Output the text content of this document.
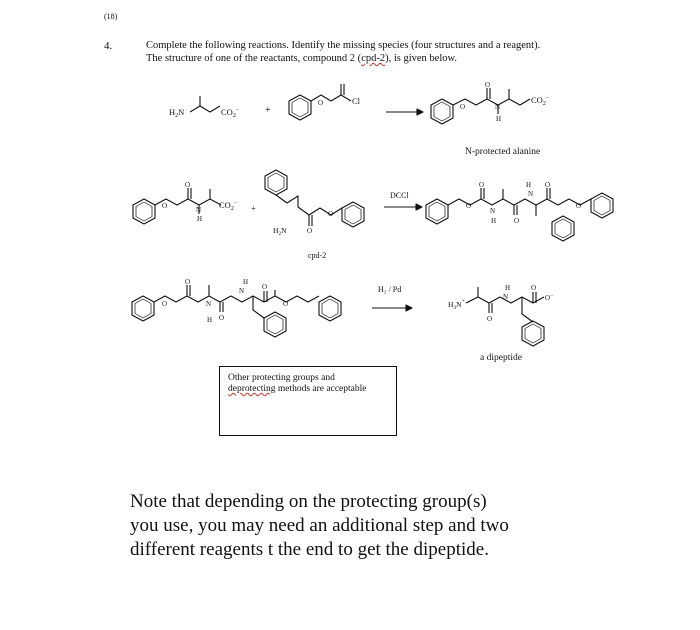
(18)
4.	Complete the following reactions. Identify the missing species (four structures and a reagent).
The structure of one of the reactants, compound 2 (cpd-2), is given below.
$H_2N$	$CO_2^-$
Cl
O	O
O
N
H
$CO_2^-$
O
O
N
H
$CO_2^-$ +
$H_2N$	O
O
DCCl
O
O
N
H	O
H
N
O
O
O
O
N
H O
H
N	O
O
H₂ / Pd
$H_3N^+$
O
H
N
O
O−
+
N-protected alanine
cpd-2
a dipeptide
Other protecting groups and
deprotecting methods are acceptable
Note that depending on the protecting group(s) you use, you may need an additional step and two different reagents t the end to get the dipeptide.
